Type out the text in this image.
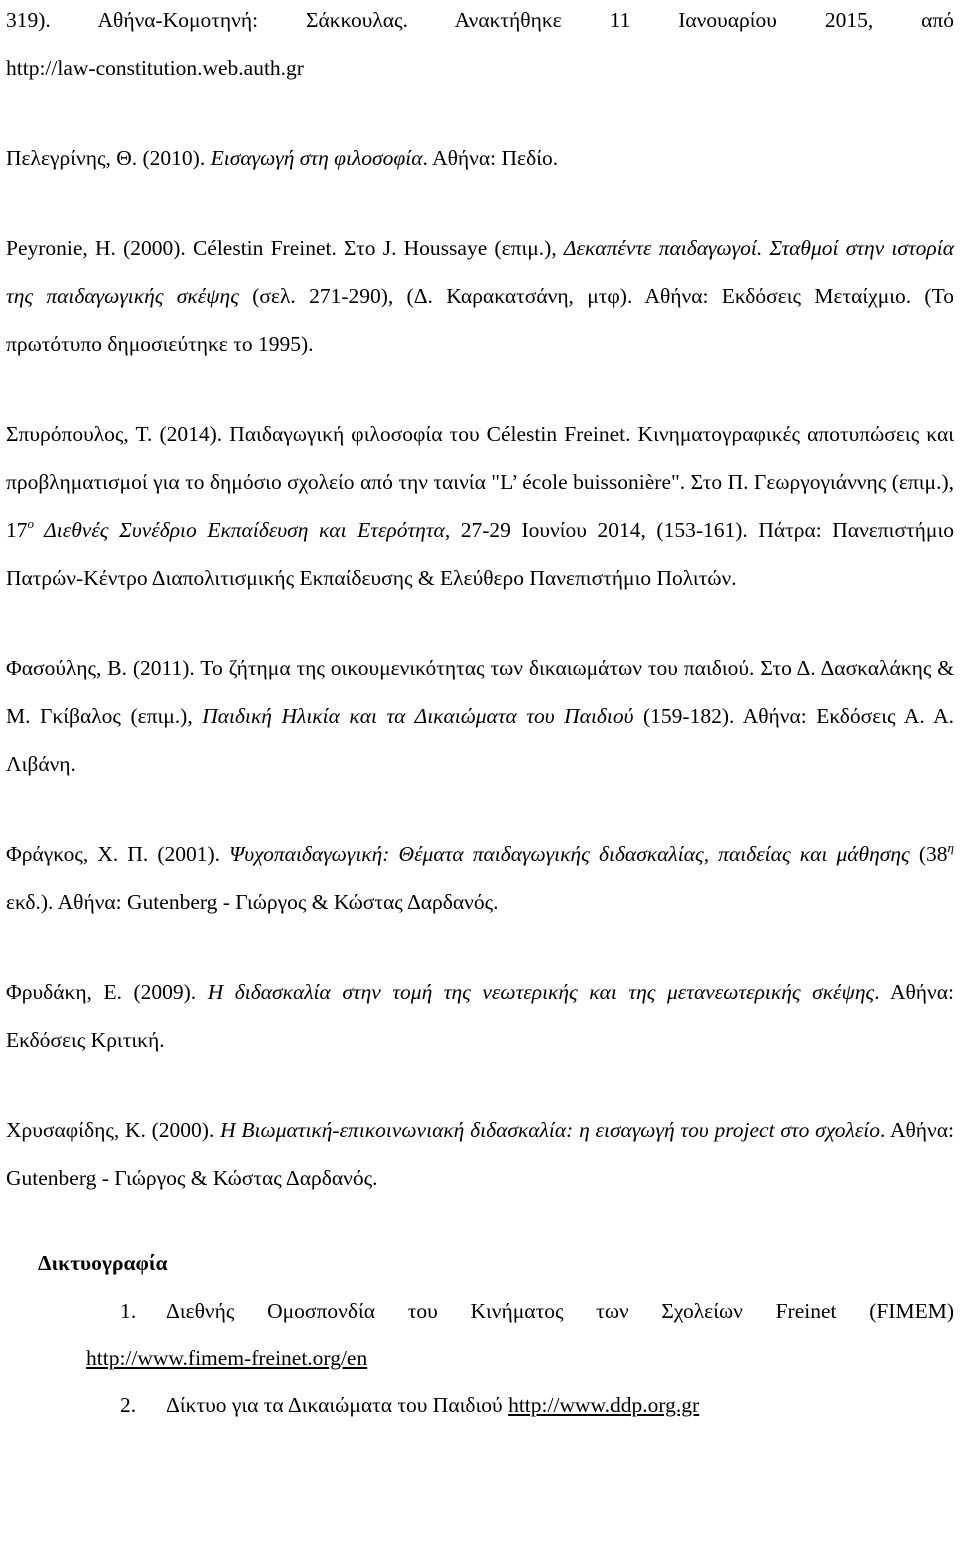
319). Αθήνα-Κομοτηνή: Σάκκουλας. Ανακτήθηκε 11 Ιανουαρίου 2015, από
http://law-constitution.web.auth.gr
Πελεγρίνης, Θ. (2010). Εισαγωγή στη φιλοσοφία. Αθήνα: Πεδίο.
Peyronie, H. (2000). Célestin Freinet. Στο J. Houssaye (επιμ.), Δεκαπέντε παιδαγωγοί. Σταθμοί στην ιστορία της παιδαγωγικής σκέψης (σελ. 271-290), (Δ. Καρακατσάνη, μτφ). Αθήνα: Εκδόσεις Μεταίχμιο. (Το πρωτότυπο δημοσιεύτηκε το 1995).
Σπυρόπουλος, Τ. (2014). Παιδαγωγική φιλοσοφία του Célestin Freinet. Κινηματογραφικές αποτυπώσεις και προβληματισμοί για το δημόσιο σχολείο από την ταινία "L’ école buissonière". Στο Π. Γεωργογιάννης (επιμ.), $17^o$ Διεθνές Συνέδριο Εκπαίδευση και Ετερότητα, 27-29 Ιουνίου 2014, (153-161). Πάτρα: Πανεπιστήμιο Πατρών-Κέντρο Διαπολιτισμικής Εκπαίδευσης & Ελεύθερο Πανεπιστήμιο Πολιτών.
Φασούλης, Β. (2011). Το ζήτημα της οικουμενικότητας των δικαιωμάτων του παιδιού. Στο Δ. Δασκαλάκης & Μ. Γκίβαλος (επιμ.), Παιδική Ηλικία και τα Δικαιώματα του Παιδιού (159-182). Αθήνα: Εκδόσεις Α. Α. Λιβάνη.
Φράγκος, Χ. Π. (2001). Ψυχοπαιδαγωγική: Θέματα παιδαγωγικής διδασκαλίας, παιδείας και μάθησης ($38^\eta$ εκδ.). Αθήνα: Gutenberg - Γιώργος & Κώστας Δαρδανός.
Φρυδάκη, Ε. (2009). Η διδασκαλία στην τομή της νεωτερικής και της μετανεωτερικής σκέψης. Αθήνα: Εκδόσεις Κριτική.
Χρυσαφίδης, Κ. (2000). Η Βιωματική-επικοινωνιακή διδασκαλία: η εισαγωγή του project στο σχολείο. Αθήνα: Gutenberg - Γιώργος & Κώστας Δαρδανός.
Δικτυογραφία
1.	Διεθνής Ομοσπονδία του Κινήματος των Σχολείων Freinet (FIMEM)
http://www.fimem-freinet.org/en
2. Δίκτυο για τα Δικαιώματα του Παιδιού http://www.ddp.org.gr
